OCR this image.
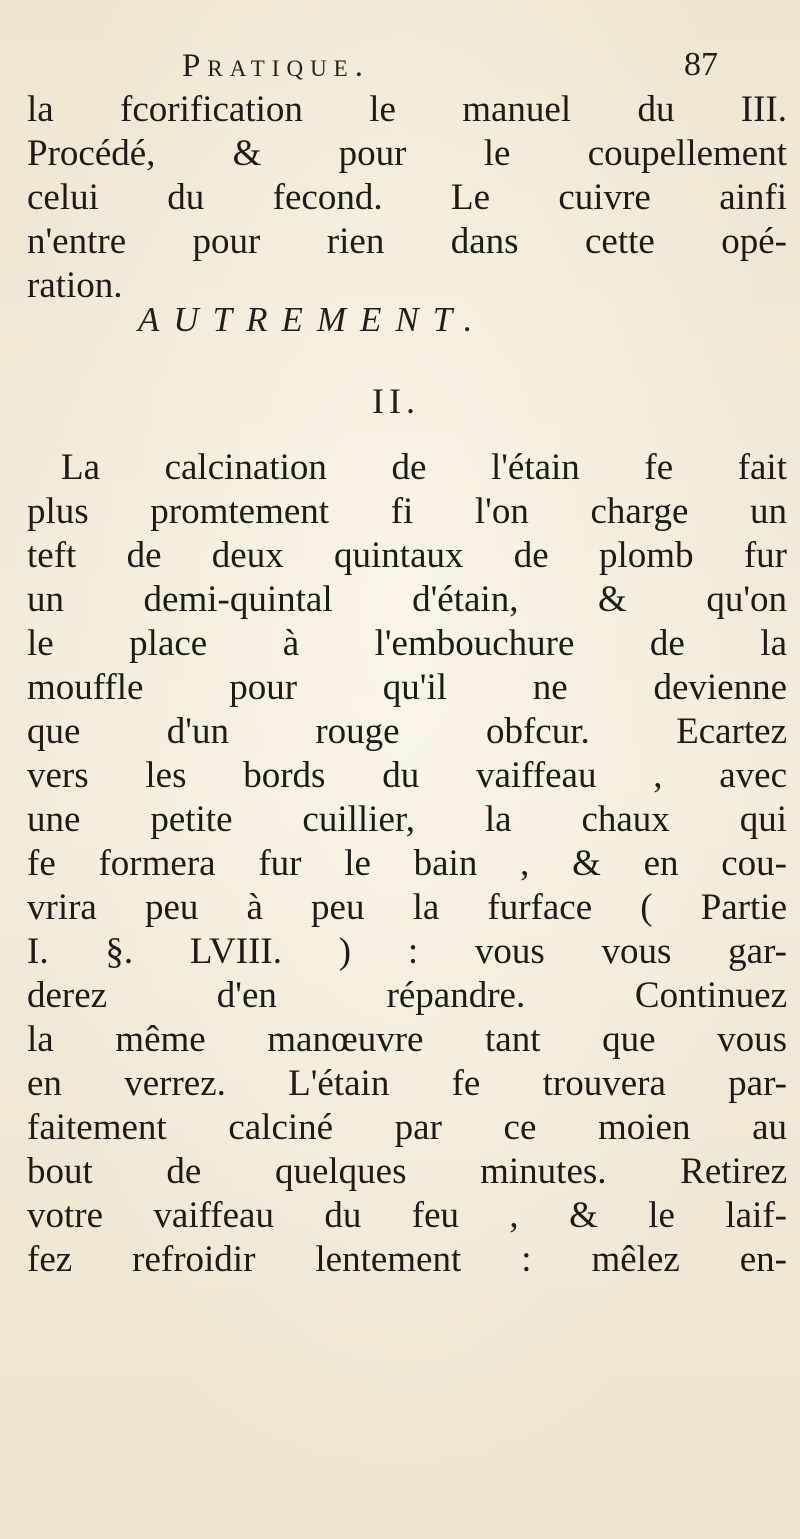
Pratique.	87
la fcorification le manuel du III.
Procédé, & pour le coupellement
celui du fecond. Le cuivre ainfi
n'entre pour rien dans cette opé-
ration.
AUTREMENT.
II.
La calcination de l'étain fe fait
plus promtement fi l'on charge un
teft de deux quintaux de plomb fur
un demi-quintal d'étain, & qu'on
le place à l'embouchure de la
mouffle pour qu'il ne devienne
que d'un rouge obfcur. Ecartez
vers les bords du vaiffeau , avec
une petite cuillier, la chaux qui
fe formera fur le bain , & en cou-
vrira peu à peu la furface ( Partie
I. §. LVIII. ) : vous vous gar-
derez d'en répandre. Continuez
la même manœuvre tant que vous
en verrez. L'étain fe trouvera par-
faitement calciné par ce moien au
bout de quelques minutes. Retirez
votre vaiffeau du feu , & le laif-
fez refroidir lentement : mêlez en-
